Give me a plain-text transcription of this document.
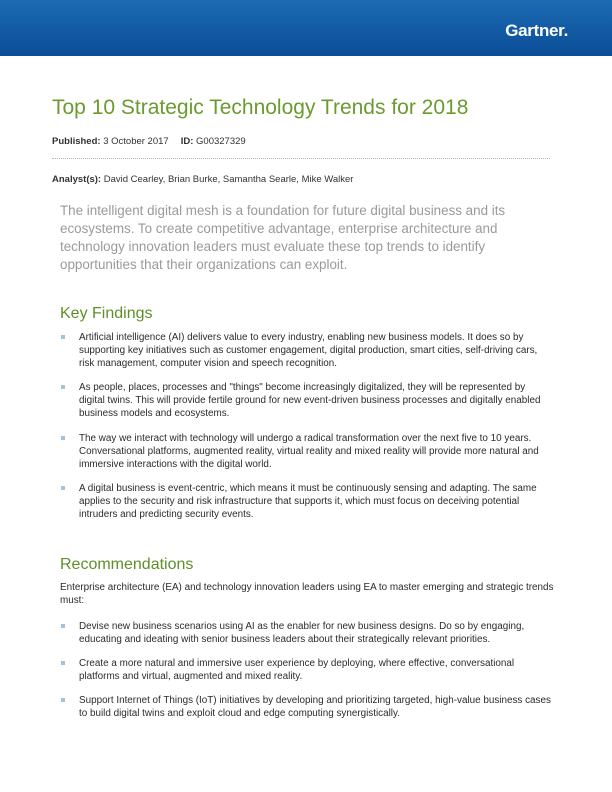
Gartner.
Top 10 Strategic Technology Trends for 2018
Published: 3 October 2017 ID: G00327329
Analyst(s): David Cearley, Brian Burke, Samantha Searle, Mike Walker

The intelligent digital mesh is a foundation for future digital business and its ecosystems. To create competitive advantage, enterprise architecture and technology innovation leaders must evaluate these top trends to identify opportunities that their organizations can exploit.

Key Findings
Artificial intelligence (AI) delivers value to every industry, enabling new business models. It does so by supporting key initiatives such as customer engagement, digital production, smart cities, self-driving cars, risk management, computer vision and speech recognition.
As people, places, processes and "things" become increasingly digitalized, they will be represented by digital twins. This will provide fertile ground for new event-driven business processes and digitally enabled business models and ecosystems.
The way we interact with technology will undergo a radical transformation over the next five to 10 years. Conversational platforms, augmented reality, virtual reality and mixed reality will provide more natural and immersive interactions with the digital world.
A digital business is event-centric, which means it must be continuously sensing and adapting. The same applies to the security and risk infrastructure that supports it, which must focus on deceiving potential intruders and predicting security events.
Recommendations

Enterprise architecture (EA) and technology innovation leaders using EA to master emerging and strategic trends must:

Devise new business scenarios using AI as the enabler for new business designs. Do so by engaging, educating and ideating with senior business leaders about their strategically relevant priorities.
Create a more natural and immersive user experience by deploying, where effective, conversational platforms and virtual, augmented and mixed reality.
Support Internet of Things (IoT) initiatives by developing and prioritizing targeted, high-value business cases to build digital twins and exploit cloud and edge computing synergistically.
